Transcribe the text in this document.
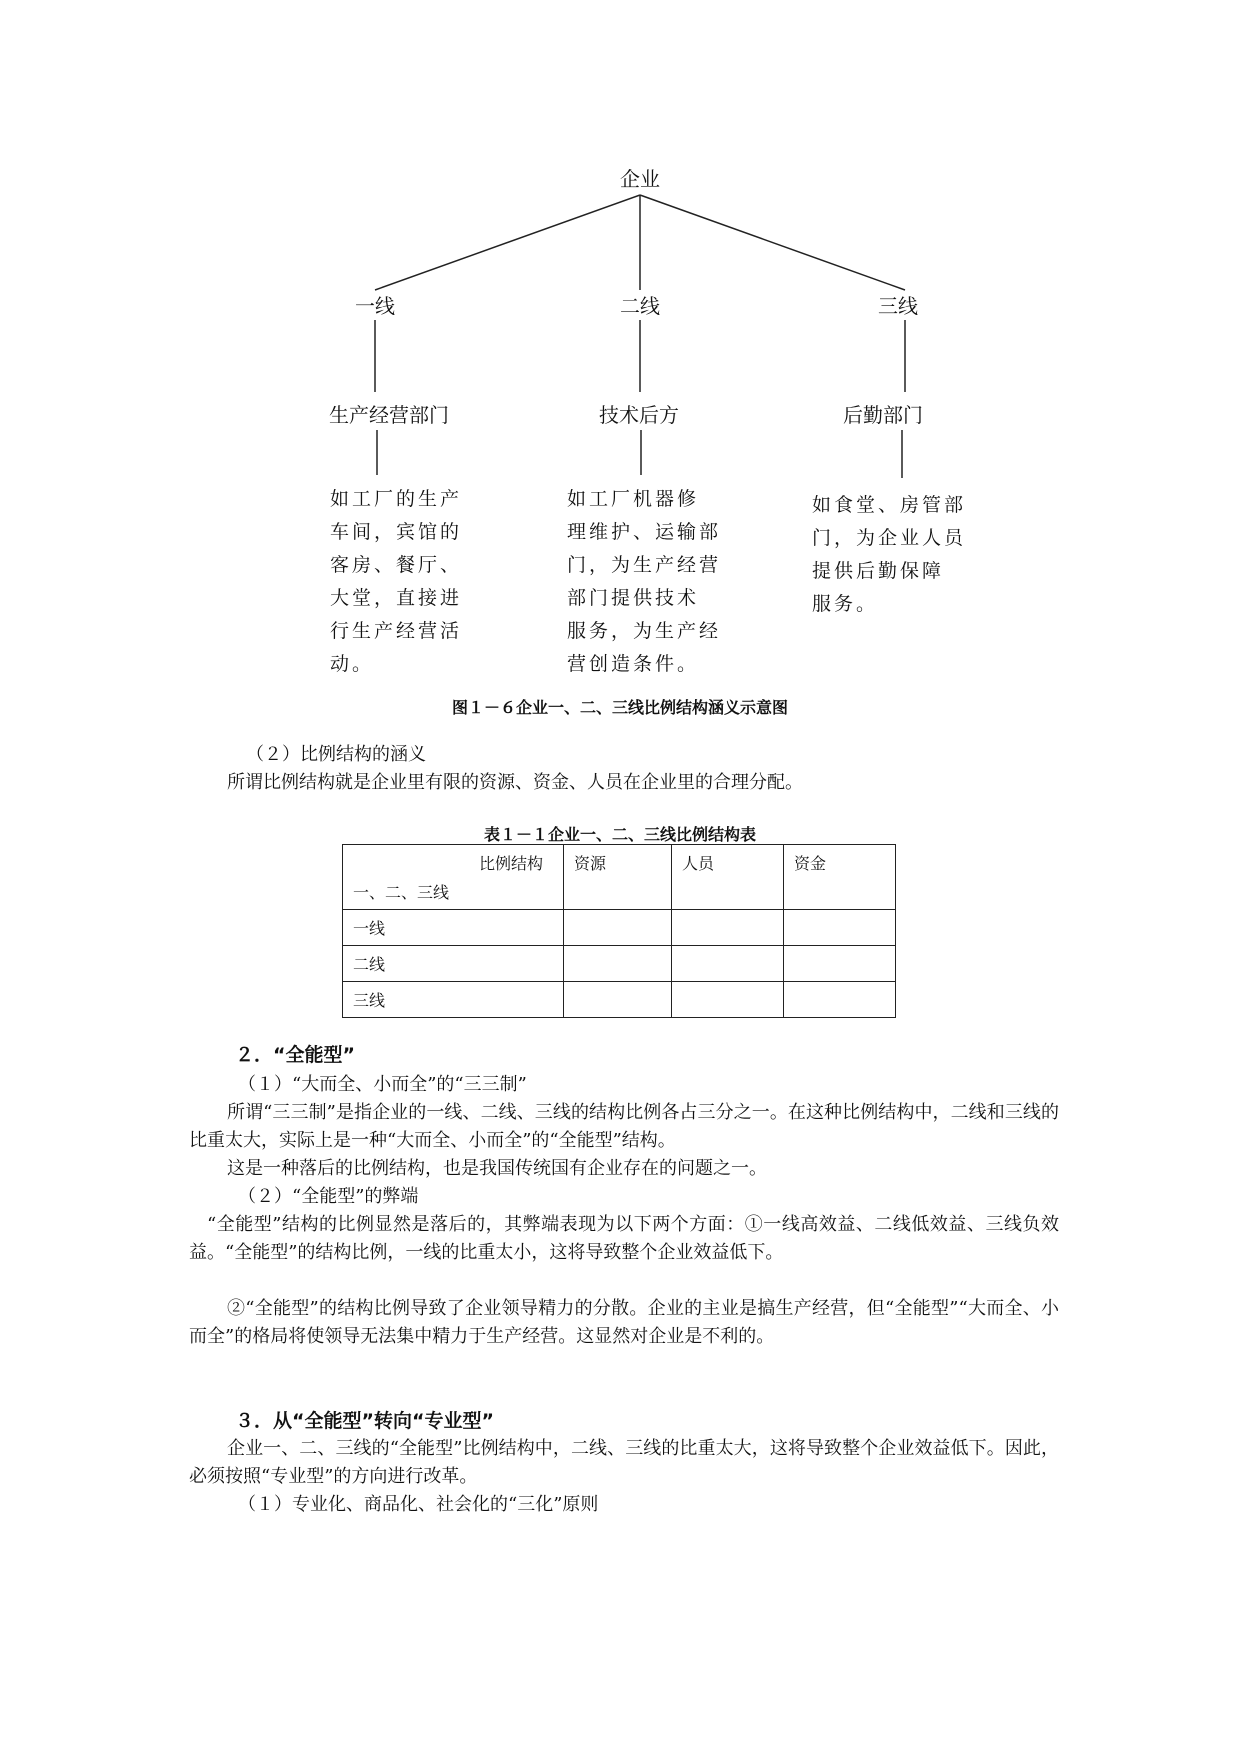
企业
一线	二线	三线
生产经营部门	技术后方	后勤部门
如工厂的生产
车间，宾馆的
客房、餐厅、
大堂，直接进
行生产经营活
动。
如工厂机器修
理维护、运输部
门，为生产经营
部门提供技术
服务，为生产经
营创造条件。
如食堂、房管部
门，为企业人员
提供后勤保障
服务。
图１－６企业一、二、三线比例结构涵义示意图

（２）比例结构的涵义

所谓比例结构就是企业里有限的资源、资金、人员在企业里的合理分配。

表１－１企业一、二、三线比例结构表
比例结构
一、二、三线	资源	人员	资金
一线			
二线			
三线			
２．“全能型”

（１）“大而全、小而全”的“三三制”

所谓“三三制”是指企业的一线、二线、三线的结构比例各占三分之一。在这种比例结构中，二线和三线的比重太大，实际上是一种“大而全、小而全”的“全能型”结构。

这是一种落后的比例结构，也是我国传统国有企业存在的问题之一。

（２）“全能型”的弊端

“全能型”结构的比例显然是落后的，其弊端表现为以下两个方面：①一线高效益、二线低效益、三线负效益。“全能型”的结构比例，一线的比重太小，这将导致整个企业效益低下。

②“全能型”的结构比例导致了企业领导精力的分散。企业的主业是搞生产经营，但“全能型”“大而全、小而全”的格局将使领导无法集中精力于生产经营。这显然对企业是不利的。

３．从“全能型”转向“专业型”

企业一、二、三线的“全能型”比例结构中，二线、三线的比重太大，这将导致整个企业效益低下。因此，必须按照“专业型”的方向进行改革。

（１）专业化、商品化、社会化的“三化”原则
